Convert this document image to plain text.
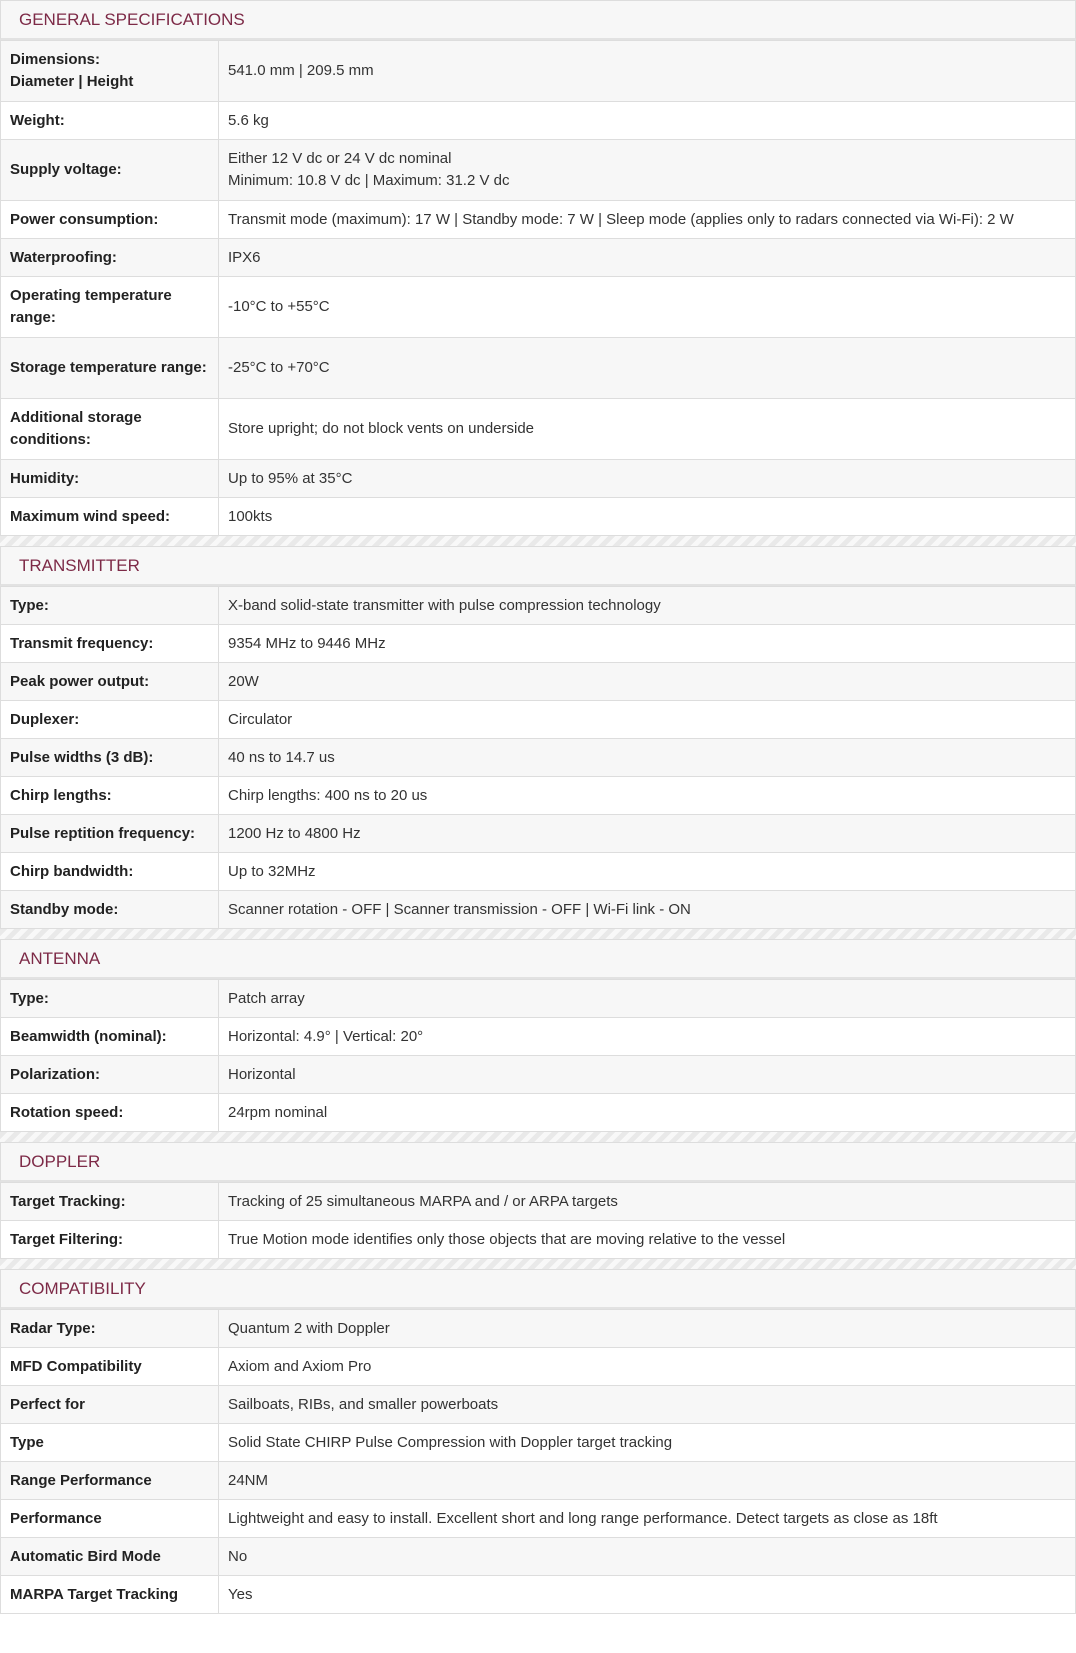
GENERAL SPECIFICATIONS
Dimensions:
Diameter | Height	541.0 mm | 209.5 mm
Weight:	5.6 kg
Supply voltage:	Either 12 V dc or 24 V dc nominal
Minimum: 10.8 V dc | Maximum: 31.2 V dc

Power consumption:	Transmit mode (maximum): 17 W | Standby mode: 7 W | Sleep mode (applies only to radars connected via Wi-Fi): 2 W
Waterproofing:	IPX6
Operating temperature range:	-10°C to +55°C
Storage temperature range:	-25°C to +70°C
Additional storage conditions:	Store upright; do not block vents on underside
Humidity:	Up to 95% at 35°C
Maximum wind speed:	100kts
TRANSMITTER
Type:	X-band solid-state transmitter with pulse compression technology
Transmit frequency:	9354 MHz to 9446 MHz
Peak power output:	20W
Duplexer:	Circulator
Pulse widths (3 dB):	40 ns to 14.7 us
Chirp lengths:	Chirp lengths: 400 ns to 20 us
Pulse reptition frequency:	1200 Hz to 4800 Hz
Chirp bandwidth:	Up to 32MHz
Standby mode:	Scanner rotation - OFF | Scanner transmission - OFF | Wi-Fi link - ON
ANTENNA
Type:	Patch array
Beamwidth (nominal):	Horizontal: 4.9° | Vertical: 20°
Polarization:	Horizontal
Rotation speed:	24rpm nominal
DOPPLER
Target Tracking:	Tracking of 25 simultaneous MARPA and / or ARPA targets
Target Filtering:	True Motion mode identifies only those objects that are moving relative to the vessel
COMPATIBILITY
Radar Type:	Quantum 2 with Doppler
MFD Compatibility	Axiom and Axiom Pro
Perfect for	Sailboats, RIBs, and smaller powerboats
Type	Solid State CHIRP Pulse Compression with Doppler target tracking
Range Performance	24NM
Performance	Lightweight and easy to install. Excellent short and long range performance. Detect targets as close as 18ft
Automatic Bird Mode	No
MARPA Target Tracking	Yes
